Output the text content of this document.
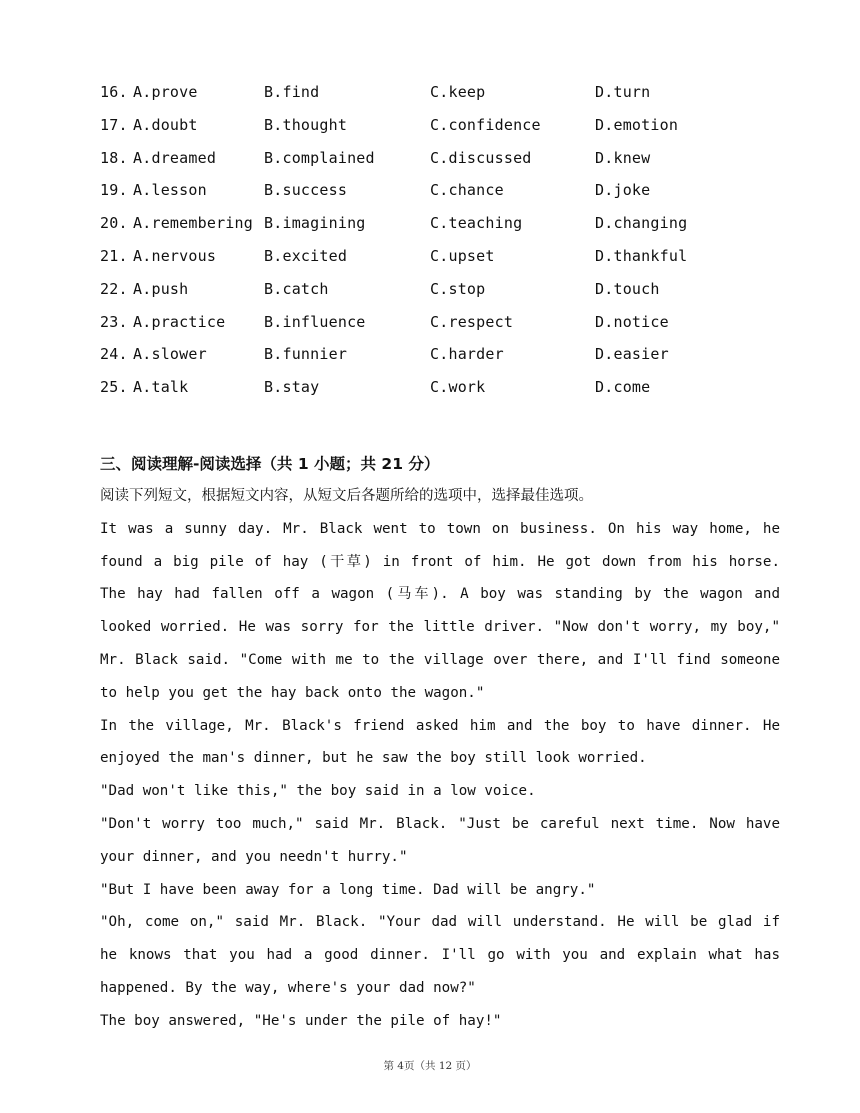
16. A.prove	B.find	C.keep	D.turn
17. A.doubt	B.thought	C.confidence	D.emotion
18. A.dreamed	B.complained	C.discussed	D.knew
19. A.lesson	B.success	C.chance	D.joke
20. A.remembering B.imagining	C.teaching	D.changing
21. A.nervous	B.excited	C.upset	D.thankful
22. A.push	B.catch	C.stop	D.touch
23. A.practice	B.influence	C.respect	D.notice
24. A.slower	B.funnier	C.harder	D.easier
25. A.talk	B.stay	C.work	D.come
三、阅读理解-阅读选择（共 1 小题；共 21 分）
阅读下列短文，根据短文内容，从短文后各题所给的选项中，选择最佳选项。
It was a sunny day. Mr. Black went to town on business. On his way home, he
found a big pile of hay (干草) in front of him. He got down from his horse.
The hay had fallen off a wagon (马车). A boy was standing by the wagon and
looked worried. He was sorry for the little driver. "Now don't worry, my boy,"
Mr. Black said. "Come with me to the village over there, and I'll find someone
to help you get the hay back onto the wagon."
In the village, Mr. Black's friend asked him and the boy to have dinner. He
enjoyed the man's dinner, but he saw the boy still look worried.
"Dad won't like this," the boy said in a low voice.
"Don't worry too much," said Mr. Black. "Just be careful next time. Now have
your dinner, and you needn't hurry."
"But I have been away for a long time. Dad will be angry."
"Oh, come on," said Mr. Black. "Your dad will understand. He will be glad if
he knows that you had a good dinner. I'll go with you and explain what has
happened. By the way, where's your dad now?"
The boy answered, "He's under the pile of hay!"
第 4页（共 12 页）
